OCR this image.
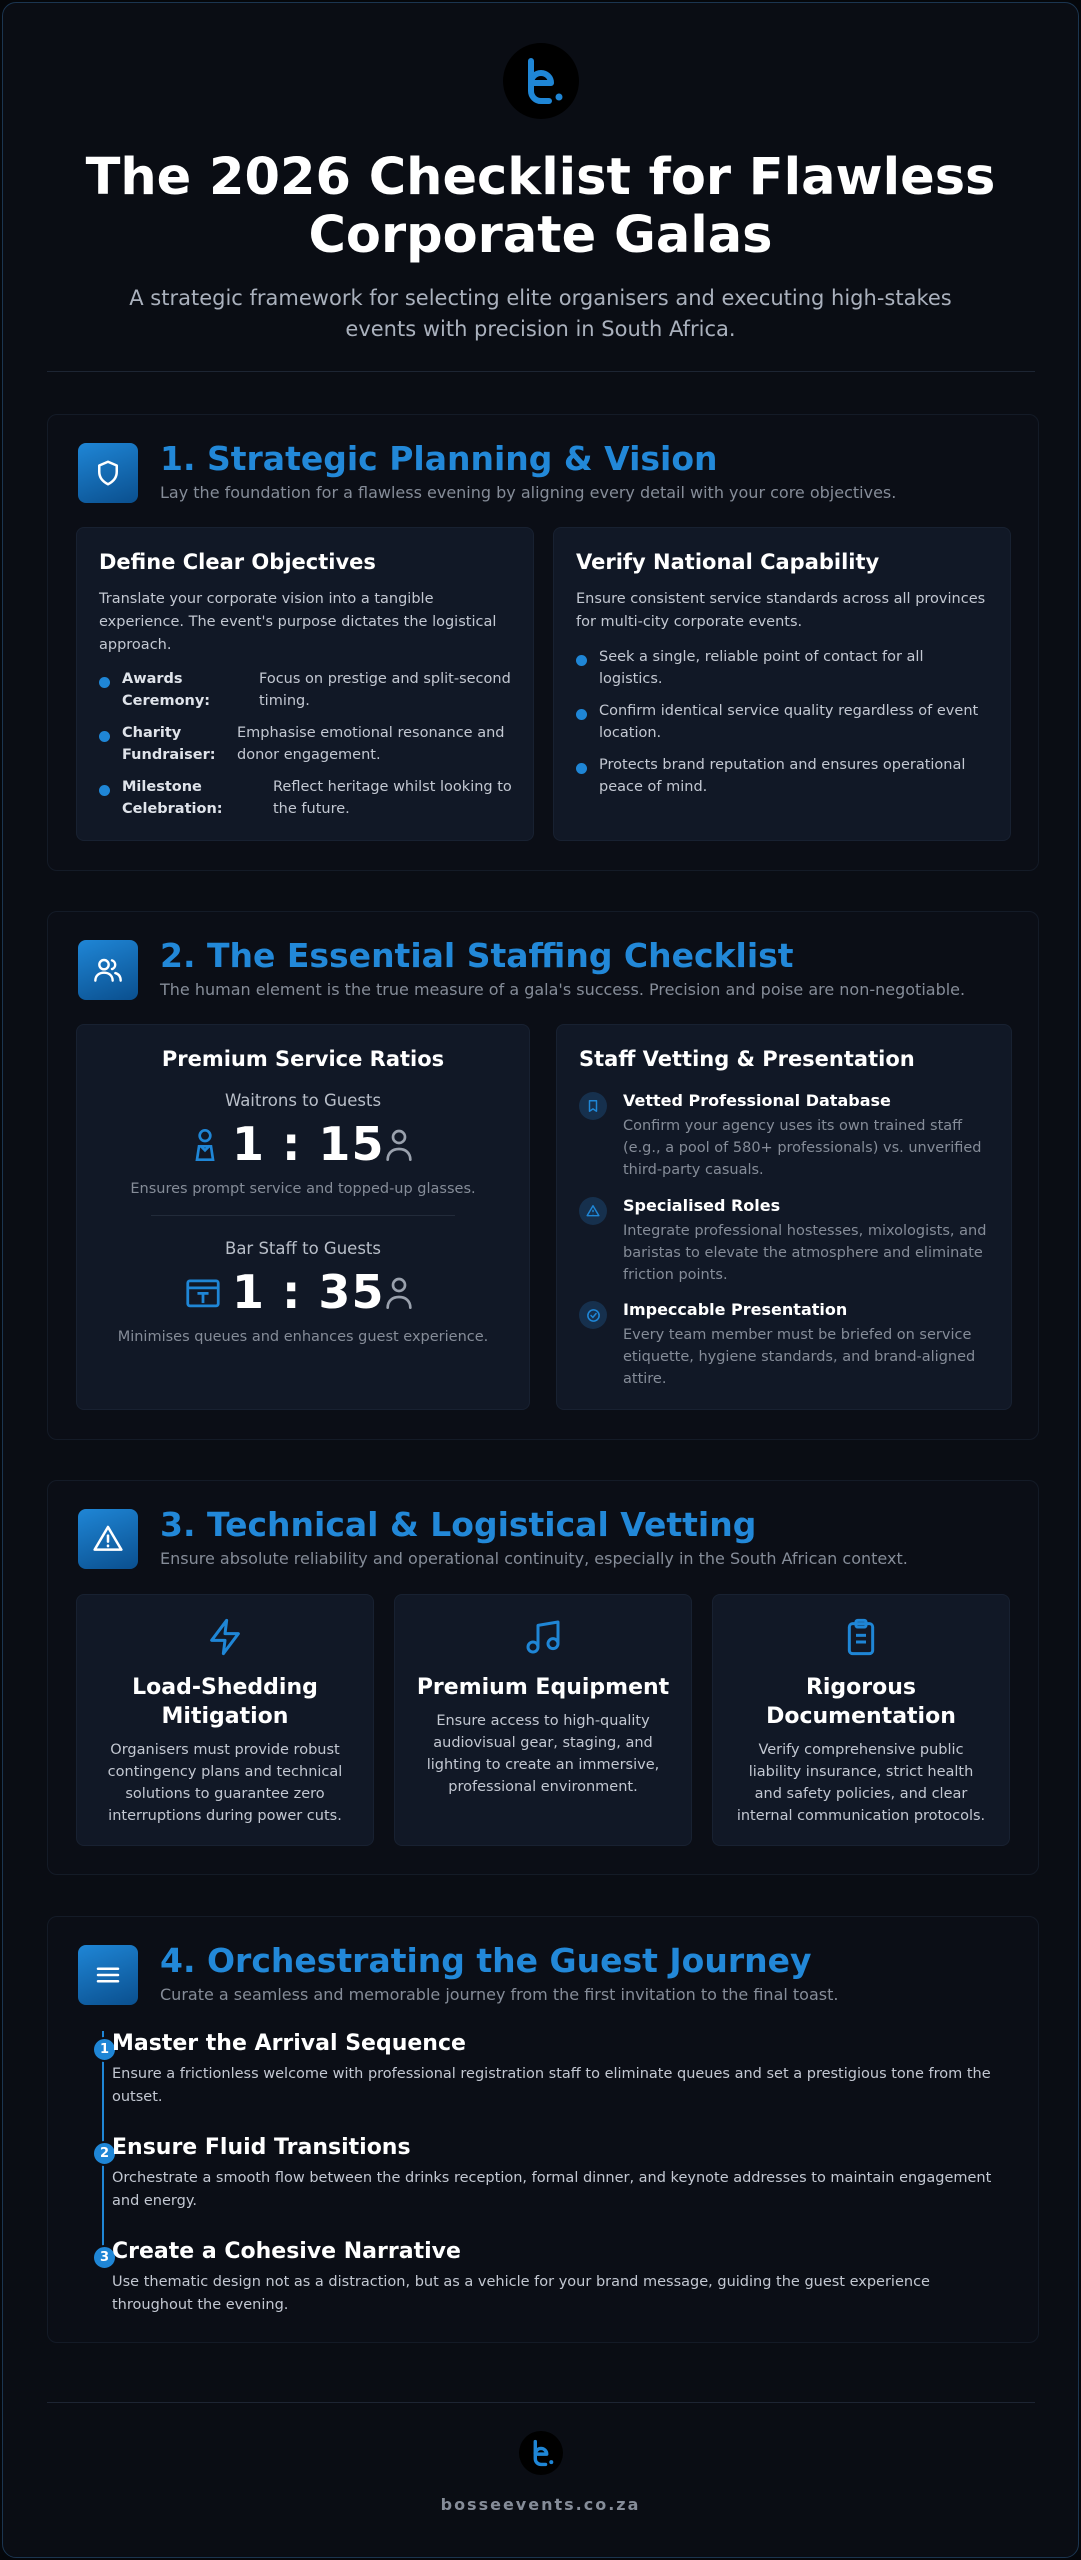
The 2026 Checklist for Flawless Corporate Galas
A strategic framework for selecting elite organisers and executing high-stakes events with precision in South Africa.
1. Strategic Planning & Vision
Lay the foundation for a flawless evening by aligning every detail with your core objectives.
Define Clear Objectives
Translate your corporate vision into a tangible experience. The event's purpose dictates the logistical approach.
Awards Ceremony:
Focus on prestige and split-second timing.
Charity Fundraiser:
Emphasise emotional resonance and donor engagement.
Milestone Celebration:
Reflect heritage whilst looking to the future.
Verify National Capability
Ensure consistent service standards across all provinces for multi-city corporate events.
Seek a single, reliable point of contact for all logistics.
Confirm identical service quality regardless of event location.
Protects brand reputation and ensures operational peace of mind.
2. The Essential Staffing Checklist
The human element is the true measure of a gala's success. Precision and poise are non-negotiable.
Premium Service Ratios
Waitrons to Guests
1 : 15
Ensures prompt service and topped-up glasses.
Bar Staff to Guests
1 : 35
Minimises queues and enhances guest experience.
Staff Vetting & Presentation
Vetted Professional Database
Confirm your agency uses its own trained staff (e.g., a pool of 580+ professionals) vs. unverified third-party casuals.
Specialised Roles
Integrate professional hostesses, mixologists, and baristas to elevate the atmosphere and eliminate friction points.
Impeccable Presentation
Every team member must be briefed on service etiquette, hygiene standards, and brand-aligned attire.
3. Technical & Logistical Vetting
Ensure absolute reliability and operational continuity, especially in the South African context.
Load-Shedding Mitigation
Organisers must provide robust contingency plans and technical solutions to guarantee zero interruptions during power cuts.
Premium Equipment
Ensure access to high-quality audiovisual gear, staging, and lighting to create an immersive, professional environment.
Rigorous Documentation
Verify comprehensive public liability insurance, strict health and safety policies, and clear internal communication protocols.
4. Orchestrating the Guest Journey
Curate a seamless and memorable journey from the first invitation to the final toast.
1 Master the Arrival Sequence
Ensure a frictionless welcome with professional registration staff to eliminate queues and set a prestigious tone from the outset.
2 Ensure Fluid Transitions
Orchestrate a smooth flow between the drinks reception, formal dinner, and keynote addresses to maintain engagement and energy.
3 Create a Cohesive Narrative
Use thematic design not as a distraction, but as a vehicle for your brand message, guiding the guest experience throughout the evening.
bosseevents.co.za
